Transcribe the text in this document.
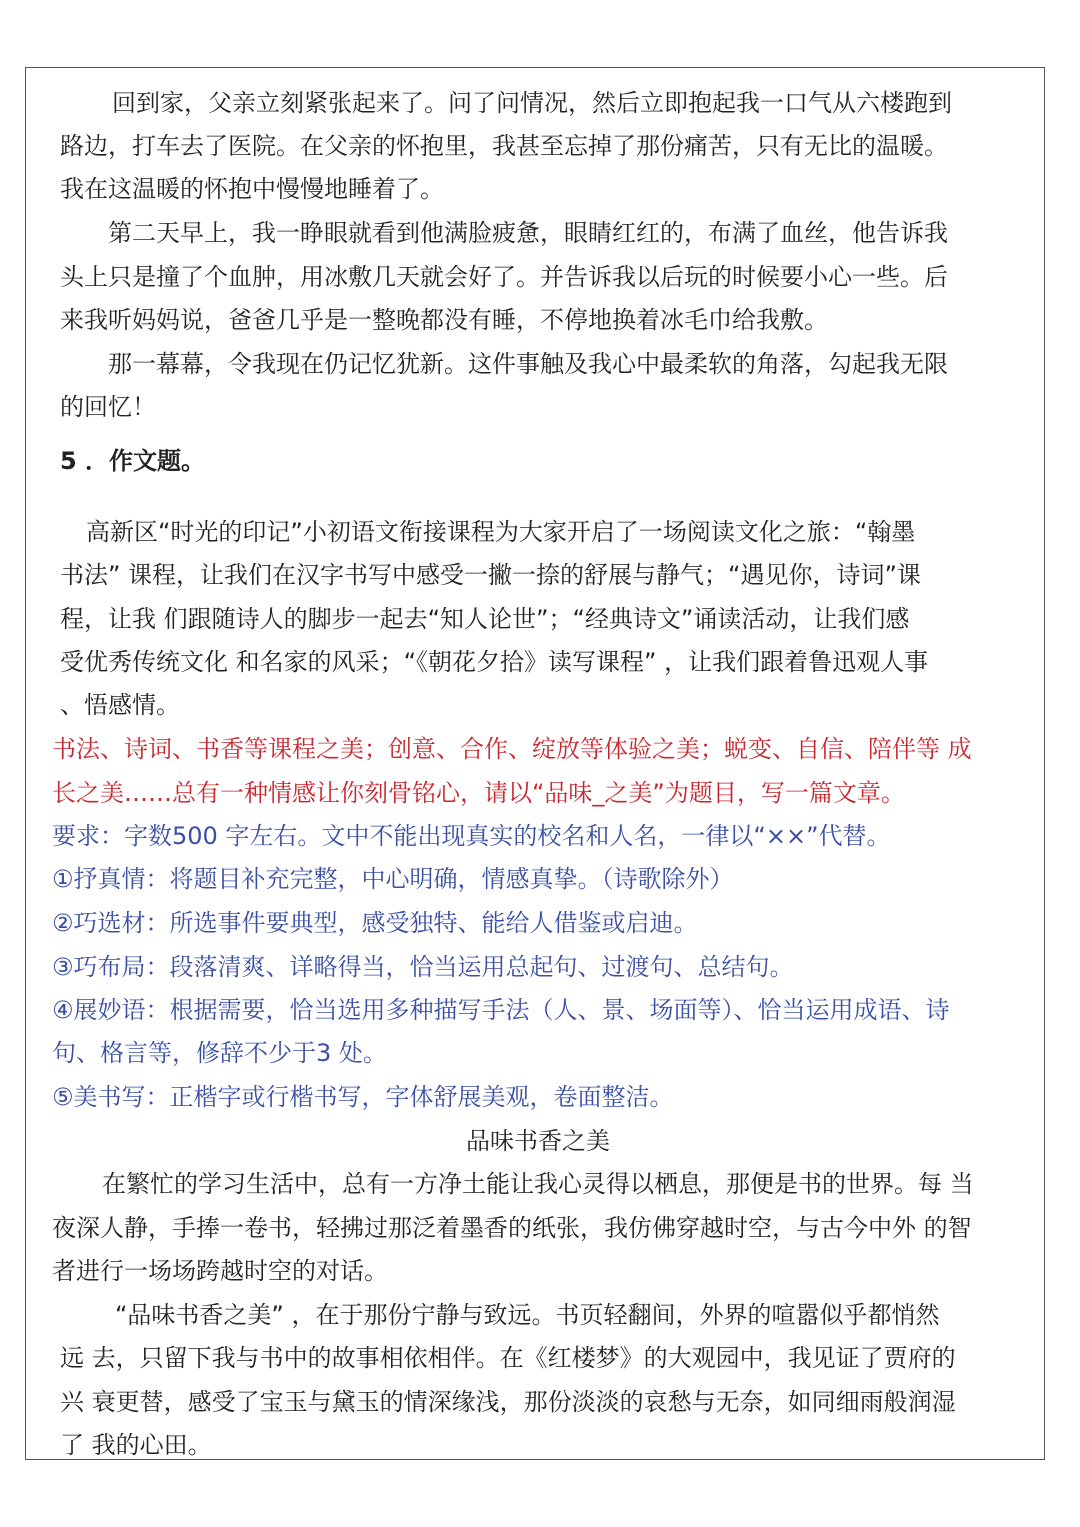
回到家，父亲立刻紧张起来了。问了问情况，然后立即抱起我一口气从六楼跑到

路边，打车去了医院。在父亲的怀抱里，我甚至忘掉了那份痛苦，只有无比的温暖。

我在这温暖的怀抱中慢慢地睡着了。

第二天早上，我一睁眼就看到他满脸疲惫，眼睛红红的，布满了血丝，他告诉我

头上只是撞了个血肿，用冰敷几天就会好了。并告诉我以后玩的时候要小心一些。后

来我听妈妈说，爸爸几乎是一整晚都没有睡，不停地换着冰毛巾给我敷。

那一幕幕，令我现在仍记忆犹新。这件事触及我心中最柔软的角落，勾起我无限

的回忆！

5 ．作文题。

高新区“时光的印记”小初语文衔接课程为大家开启了一场阅读文化之旅：“翰墨

书法” 课程，让我们在汉字书写中感受一撇一捺的舒展与静气；“遇见你，诗词”课

程，让我 们跟随诗人的脚步一起去“知人论世”；“经典诗文”诵读活动，让我们感

受优秀传统文化 和名家的风采；“《朝花夕拾》读写课程” ，让我们跟着鲁迅观人事

、悟感情。

书法、诗词、书香等课程之美；创意、合作、绽放等体验之美；蜕变、自信、陪伴等 成

长之美……总有一种情感让你刻骨铭心，请以“品味_之美”为题目，写一篇文章。

要求：字数500 字左右。文中不能出现真实的校名和人名，一律以“××”代替。

①抒真情：将题目补充完整，中心明确，情感真挚。（诗歌除外）

②巧选材：所选事件要典型，感受独特、能给人借鉴或启迪。

③巧布局：段落清爽、详略得当，恰当运用总起句、过渡句、总结句。

④展妙语：根据需要，恰当选用多种描写手法（人、景、场面等）、恰当运用成语、诗

句、格言等，修辞不少于3 处。

⑤美书写：正楷字或行楷书写，字体舒展美观，卷面整洁。

品味书香之美

在繁忙的学习生活中，总有一方净土能让我心灵得以栖息，那便是书的世界。每 当

夜深人静，手捧一卷书，轻拂过那泛着墨香的纸张，我仿佛穿越时空，与古今中外 的智

者进行一场场跨越时空的对话。

“品味书香之美” ，在于那份宁静与致远。书页轻翻间，外界的喧嚣似乎都悄然

远 去，只留下我与书中的故事相依相伴。在《红楼梦》的大观园中，我见证了贾府的

兴 衰更替，感受了宝玉与黛玉的情深缘浅，那份淡淡的哀愁与无奈，如同细雨般润湿

了 我的心田。
